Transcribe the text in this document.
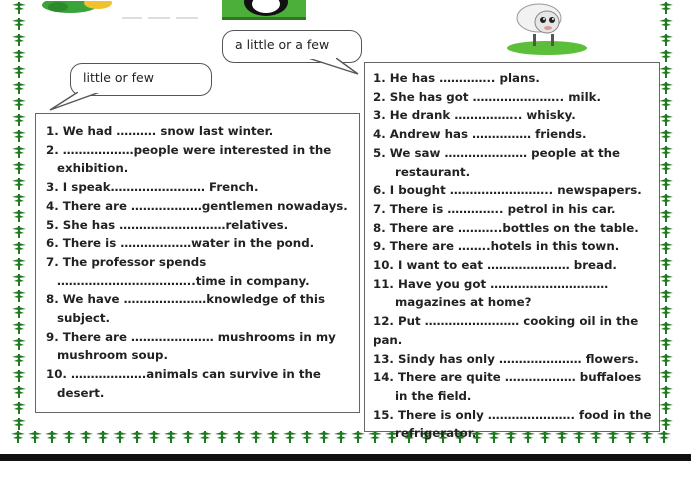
little or few
a little or a few
1. We had ………. snow last winter.
2. ………………people were interested in the
exhibition.
3. I speak…………………… French.
4. There are ………………gentlemen nowadays.
5. She has ………………………relatives.
6. There is ………………water in the pond.
7. The professor spends
……………………………..time in company.
8. We have …………………knowledge of this
subject.
9. There are ………………… mushrooms in my
mushroom soup.
10. ……………….animals can survive in the
desert.
1. He has ………….. plans.
2. She has got ………………….. milk.
3. He drank …………….. whisky.
4. Andrew has …………… friends.
5. We saw ………………… people at the
restaurant.
6. I bought …………………….. newspapers.
7. There is ………….. petrol in his car.
8. There are ………..bottles on the table.
9. There are ……..hotels in this town.
10. I want to eat ………………… bread.
11. Have you got …………………………
magazines at home?
12. Put …………………… cooking oil in the pan.
13. Sindy has only ………………… flowers.
14. There are quite ……………… buffaloes
in the field.
15. There is only …………………. food in the
refrigerator.
